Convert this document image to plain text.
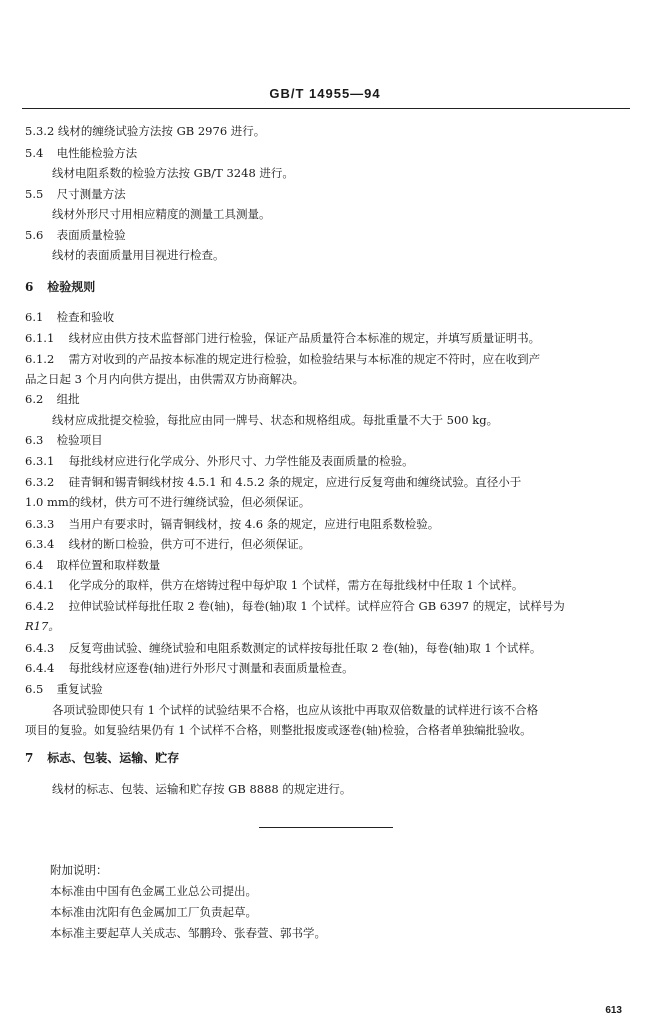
GB/T 14955—94
5.3.2 线材的缠绕试验方法按 GB 2976 进行。
5.4 电性能检验方法
线材电阻系数的检验方法按 GB/T 3248 进行。
5.5 尺寸测量方法
线材外形尺寸用相应精度的测量工具测量。
5.6 表面质量检验
线材的表面质量用目视进行检查。
6 检验规则
6.1 检查和验收
6.1.1 线材应由供方技术监督部门进行检验，保证产品质量符合本标准的规定，并填写质量证明书。
6.1.2 需方对收到的产品按本标准的规定进行检验，如检验结果与本标准的规定不符时，应在收到产
品之日起 3 个月内向供方提出，由供需双方协商解决。
6.2 组批
线材应成批提交检验，每批应由同一牌号、状态和规格组成。每批重量不大于 500 kg。
6.3 检验项目
6.3.1 每批线材应进行化学成分、外形尺寸、力学性能及表面质量的检验。
6.3.2 硅青铜和锡青铜线材按 4.5.1 和 4.5.2 条的规定，应进行反复弯曲和缠绕试验。直径小于
1.0 mm的线材，供方可不进行缠绕试验，但必须保证。
6.3.3 当用户有要求时，镉青铜线材，按 4.6 条的规定，应进行电阻系数检验。
6.3.4 线材的断口检验，供方可不进行，但必须保证。
6.4 取样位置和取样数量
6.4.1 化学成分的取样，供方在熔铸过程中每炉取 1 个试样，需方在每批线材中任取 1 个试样。
6.4.2 拉伸试验试样每批任取 2 卷(轴)，每卷(轴)取 1 个试样。试样应符合 GB 6397 的规定，试样号为
R17。
6.4.3 反复弯曲试验、缠绕试验和电阻系数测定的试样按每批任取 2 卷(轴)，每卷(轴)取 1 个试样。
6.4.4 每批线材应逐卷(轴)进行外形尺寸测量和表面质量检查。
6.5 重复试验
各项试验即使只有 1 个试样的试验结果不合格，也应从该批中再取双倍数量的试样进行该不合格
项目的复验。如复验结果仍有 1 个试样不合格，则整批报废或逐卷(轴)检验，合格者单独编批验收。
7 标志、包装、运输、贮存
线材的标志、包装、运输和贮存按 GB 8888 的规定进行。
附加说明：
本标准由中国有色金属工业总公司提出。
本标准由沈阳有色金属加工厂负责起草。
本标准主要起草人关成志、邹鹏玲、张春萱、郭书学。
613
